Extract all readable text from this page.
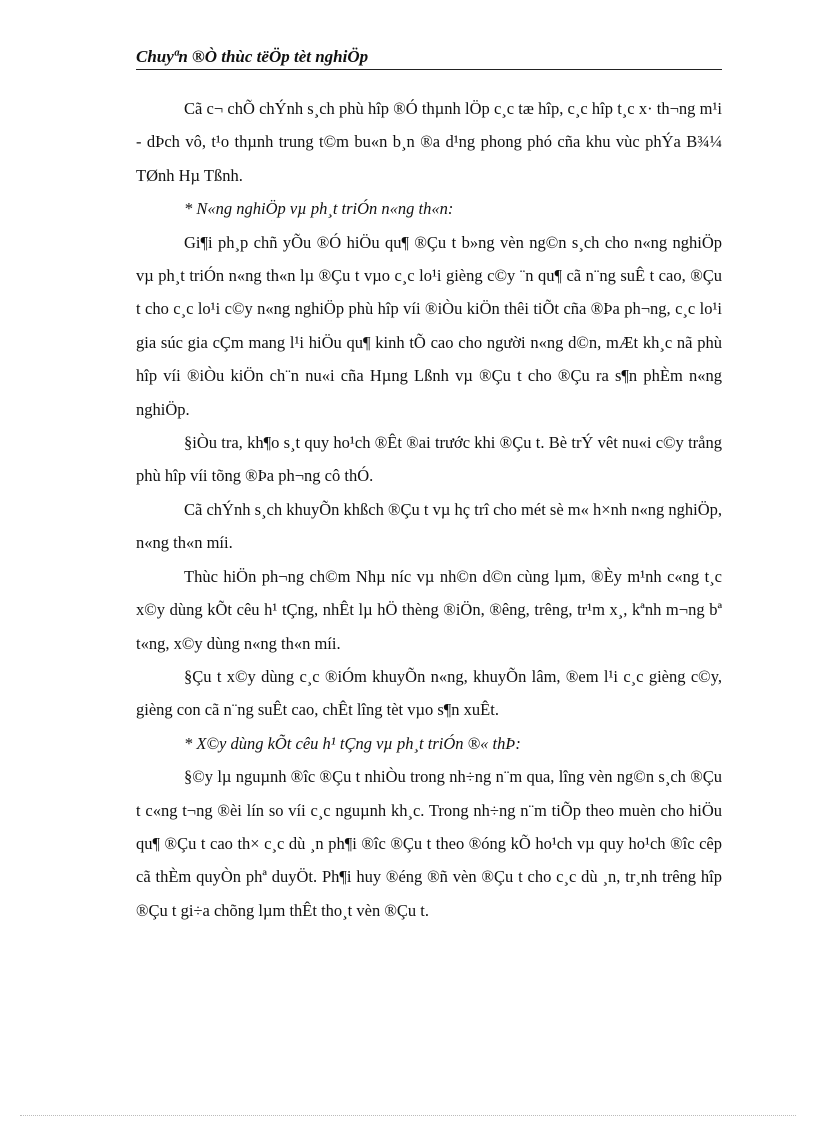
Chuyªn ®Ò thùc tëÖp tèt nghiÖp

Cã c¬ chÕ chÝnh s¸ch phù hîp ®Ó thµnh lÖp c¸c tæ hîp, c¸c hîp t¸c x· th¬ng m¹i - dÞch vô, t¹o thµnh trung t©m bu«n b¸n ®a d¹ng phong phó cña khu vùc phÝa B¾¼ TØnh Hµ Tßnh.

* N«ng nghiÖp vµ ph¸t triÓn n«ng th«n:

Gi¶i ph¸p chñ yÕu ®Ó hiÖu qu¶ ®Çu t b»ng vèn ng©n s¸ch cho n«ng nghiÖp vµ ph¸t triÓn n«ng th«n lµ ®Çu t vµo c¸c lo¹i gièng c©y ¨n qu¶ cã n¨ng suÊ t cao, ®Çu t cho c¸c lo¹i c©y n«ng nghiÖp phù hîp víi ®iÒu kiÖn thêi tiÕt cña ®Þa ph¬ng, c¸c lo¹i gia súc gia cÇm mang l¹i hiÖu qu¶ kinh tÕ cao cho người n«ng d©n, mÆt kh¸c nã phù hîp víi ®iÒu kiÖn ch¨n nu«i cña Hµng Lßnh vµ ®Çu t cho ®Çu ra s¶n phÈm n«ng nghiÖp.

§iÒu tra, kh¶o s¸t quy ho¹ch ®Êt ®ai trước khi ®Çu t. Bè trÝ vêt nu«i c©y trång phù hîp víi tõng ®Þa ph¬ng cô thÓ.

Cã chÝnh s¸ch khuyÕn khßch ®Çu t vµ hç trî cho mét sè m« h×nh n«ng nghiÖp, n«ng th«n míi.

Thùc hiÖn ph¬ng ch©m Nhµ níc vµ nh©n d©n cùng lµm, ®Èy m¹nh c«ng t¸c x©y dùng kÕt cêu h¹ tÇng, nhÊt lµ hÖ thèng ®iÖn, ®êng, trêng, tr¹m x¸, kªnh m¬ng bª t«ng, x©y dùng n«ng th«n míi.

§Çu t x©y dùng c¸c ®iÓm khuyÕn n«ng, khuyÕn lâm, ®em l¹i c¸c gièng c©y, gièng con cã n¨ng suÊt cao, chÊt lîng tèt vµo s¶n xuÊt.

* X©y dùng kÕt cêu h¹ tÇng vµ ph¸t triÓn ®« thÞ:

§©y lµ nguµnh ®îc ®Çu t nhiÒu trong nh÷ng n¨m qua, lîng vèn ng©n s¸ch ®Çu t c«ng t¬ng ®èi lín so víi c¸c nguµnh kh¸c. Trong nh÷ng n¨m tiÕp theo muèn cho hiÖu qu¶ ®Çu t cao th× c¸c dù ¸n ph¶i ®îc ®Çu t theo ®óng kÕ ho¹ch vµ quy ho¹ch ®îc cêp cã thÈm quyÒn phª duyÖt. Ph¶i huy ®éng ®ñ vèn ®Çu t cho c¸c dù ¸n, tr¸nh trêng hîp ®Çu t gi÷a chõng lµm thÊt tho¸t vèn ®Çu t.
